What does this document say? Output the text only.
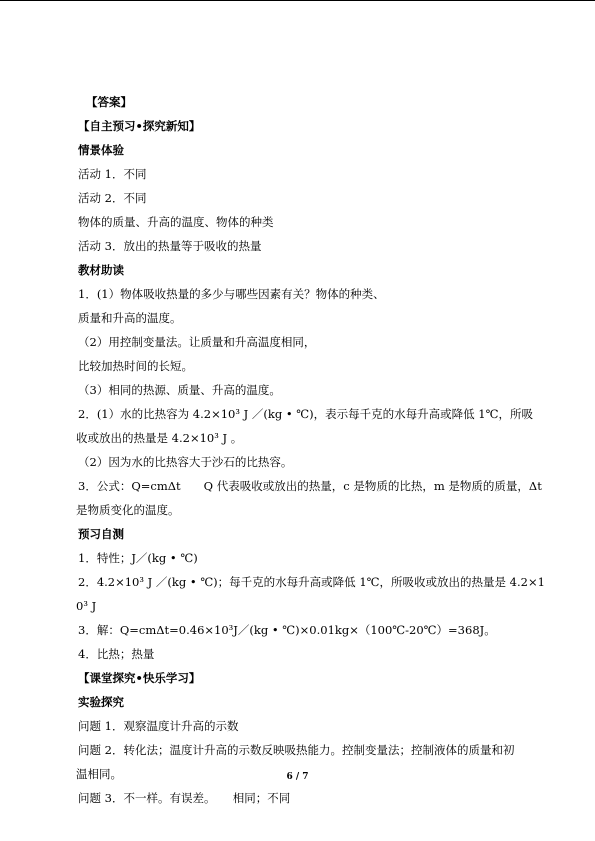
【答案】
【自主预习•探究新知】
情景体验
活动 1．不同
活动 2．不同
物体的质量、升高的温度、物体的种类
活动 3．放出的热量等于吸收的热量
教材助读
1．(1）物体吸收热量的多少与哪些因素有关？物体的种类、
质量和升高的温度。
（2）用控制变量法。让质量和升高温度相同，
比较加热时间的长短。
（3）相同的热源、质量、升高的温度。
2．(1）水的比热容为 4.2×10³ J ／(kg • ℃)，表示每千克的水每升高或降低 1℃，所吸
收或放出的热量是 4.2×10³ J 。
（2）因为水的比热容大于沙石的比热容。
3．公式：Q=cmΔt　　Q 代表吸收或放出的热量，c 是物质的比热，m 是物质的质量，Δt
是物质变化的温度。
预习自测
1．特性；J／(kg • ℃)
2．4.2×10³ J ／(kg • ℃)；每千克的水每升高或降低 1℃，所吸收或放出的热量是 4.2×1
0³ J
3．解：Q=cmΔt=0.46×10³J／(kg • ℃)×0.01kg×（100℃-20℃）=368J。
4．比热；热量
【课堂探究•快乐学习】
实验探究
问题 1．观察温度计升高的示数
问题 2．转化法；温度计升高的示数反映吸热能力。控制变量法；控制液体的质量和初
温相同。
问题 3．不一样。有误差。　　相同；不同
6 / 7
